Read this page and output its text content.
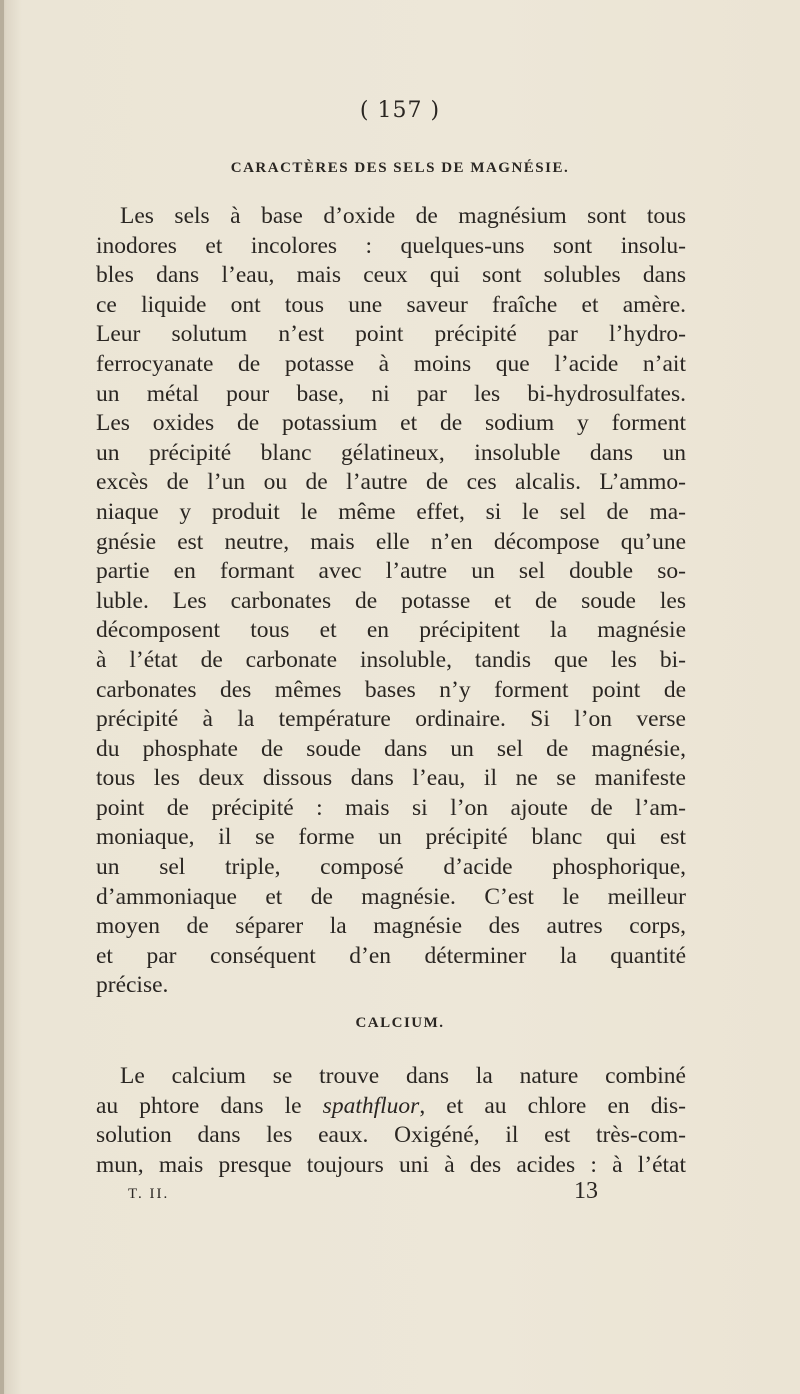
( 157 )
CARACTÈRES DES SELS DE MAGNÉSIE.
Les sels à base d’oxide de magnésium sont tous
inodores et incolores : quelques-uns sont insolu-
bles dans l’eau, mais ceux qui sont solubles dans
ce liquide ont tous une saveur fraîche et amère.
Leur solutum n’est point précipité par l’hydro-
ferrocyanate de potasse à moins que l’acide n’ait
un métal pour base, ni par les bi-hydrosulfates.
Les oxides de potassium et de sodium y forment
un précipité blanc gélatineux, insoluble dans un
excès de l’un ou de l’autre de ces alcalis. L’ammo-
niaque y produit le même effet, si le sel de ma-
gnésie est neutre, mais elle n’en décompose qu’une
partie en formant avec l’autre un sel double so-
luble. Les carbonates de potasse et de soude les
décomposent tous et en précipitent la magnésie
à l’état de carbonate insoluble, tandis que les bi-
carbonates des mêmes bases n’y forment point de
précipité à la température ordinaire. Si l’on verse
du phosphate de soude dans un sel de magnésie,
tous les deux dissous dans l’eau, il ne se manifeste
point de précipité : mais si l’on ajoute de l’am-
moniaque, il se forme un précipité blanc qui est
un sel triple, composé d’acide phosphorique,
d’ammoniaque et de magnésie. C’est le meilleur
moyen de séparer la magnésie des autres corps,
et par conséquent d’en déterminer la quantité
précise.
CALCIUM.
Le calcium se trouve dans la nature combiné
au phtore dans le spathfluor, et au chlore en dis-
solution dans les eaux. Oxigéné, il est très-com-
mun, mais presque toujours uni à des acides : à l’état
T. II.	13
